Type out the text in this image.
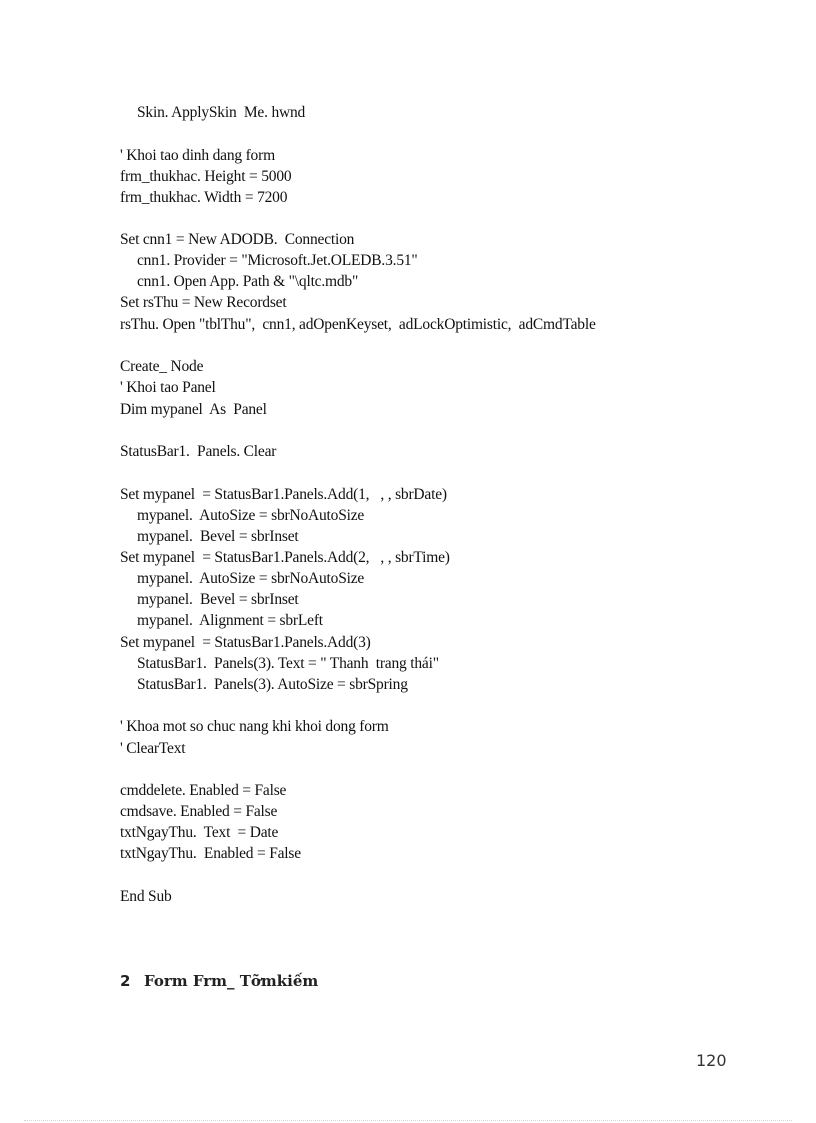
Skin. ApplySkin  Me. hwnd
' Khoi tao dinh dang form
frm_thukhac. Height = 5000
frm_thukhac. Width = 7200
Set cnn1 = New ADODB.  Connection
cnn1. Provider = "Microsoft.Jet.OLEDB.3.51"
cnn1. Open App. Path & "\qltc.mdb"
Set rsThu = New Recordset
rsThu. Open "tblThu",  cnn1, adOpenKeyset,  adLockOptimistic,  adCmdTable
Create_ Node
' Khoi tao Panel
Dim mypanel  As  Panel
StatusBar1.  Panels. Clear
Set mypanel  = StatusBar1.Panels.Add(1,   , , sbrDate)
mypanel.  AutoSize = sbrNoAutoSize
mypanel.  Bevel = sbrInset
Set mypanel  = StatusBar1.Panels.Add(2,   , , sbrTime)
mypanel.  AutoSize = sbrNoAutoSize
mypanel.  Bevel = sbrInset
mypanel.  Alignment = sbrLeft
Set mypanel  = StatusBar1.Panels.Add(3)
StatusBar1.  Panels(3). Text = " Thanh  trang thái"
StatusBar1.  Panels(3). AutoSize = sbrSpring
' Khoa mot so chuc nang khi khoi dong form
' ClearText
cmddelete. Enabled = False
cmdsave. Enabled = False
txtNgayThu.  Text  = Date
txtNgayThu.  Enabled = False
End Sub
2 Form Frm_ Tỡmkiếm
120
